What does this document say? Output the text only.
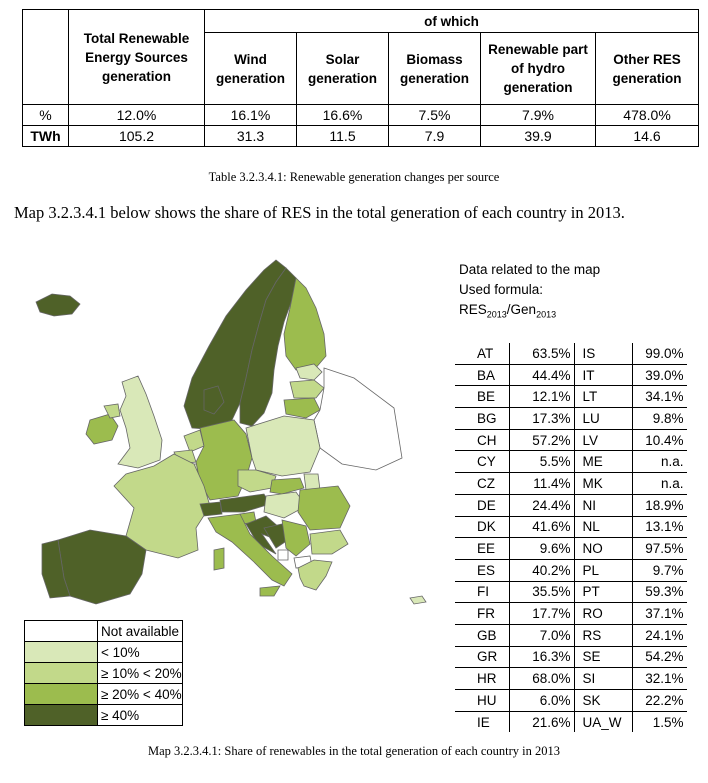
	Total Renewable Energy Sources generation	of which				
		Wind generation	Solar generation	Biomass generation	Renewable part of hydro generation	Other RES generation
%	12.0%	16.1%	16.6%	7.5%	7.9%	478.0%
TWh	105.2	31.3	11.5	7.9	39.9	14.6
Table 3.2.3.4.1: Renewable generation changes per source
Map 3.2.3.4.1 below shows the share of RES in the total generation of each country in 2013.
	Not available
	< 10%
	≥ 10% < 20%
	≥ 20% < 40%
	≥ 40%
Data related to the map
Used formula:
$RES_{2013}/Gen_{2013}$
AT	63.5%	IS	99.0%
BA	44.4%	IT	39.0%
BE	12.1%	LT	34.1%
BG	17.3%	LU	9.8%
CH	57.2%	LV	10.4%
CY	5.5%	ME	n.a.
CZ	11.4%	MK	n.a.
DE	24.4%	NI	18.9%
DK	41.6%	NL	13.1%
EE	9.6%	NO	97.5%
ES	40.2%	PL	9.7%
FI	35.5%	PT	59.3%
FR	17.7%	RO	37.1%
GB	7.0%	RS	24.1%
GR	16.3%	SE	54.2%
HR	68.0%	SI	32.1%
HU	6.0%	SK	22.2%
IE	21.6%	UA_W	1.5%
Map 3.2.3.4.1: Share of renewables in the total generation of each country in 2013
